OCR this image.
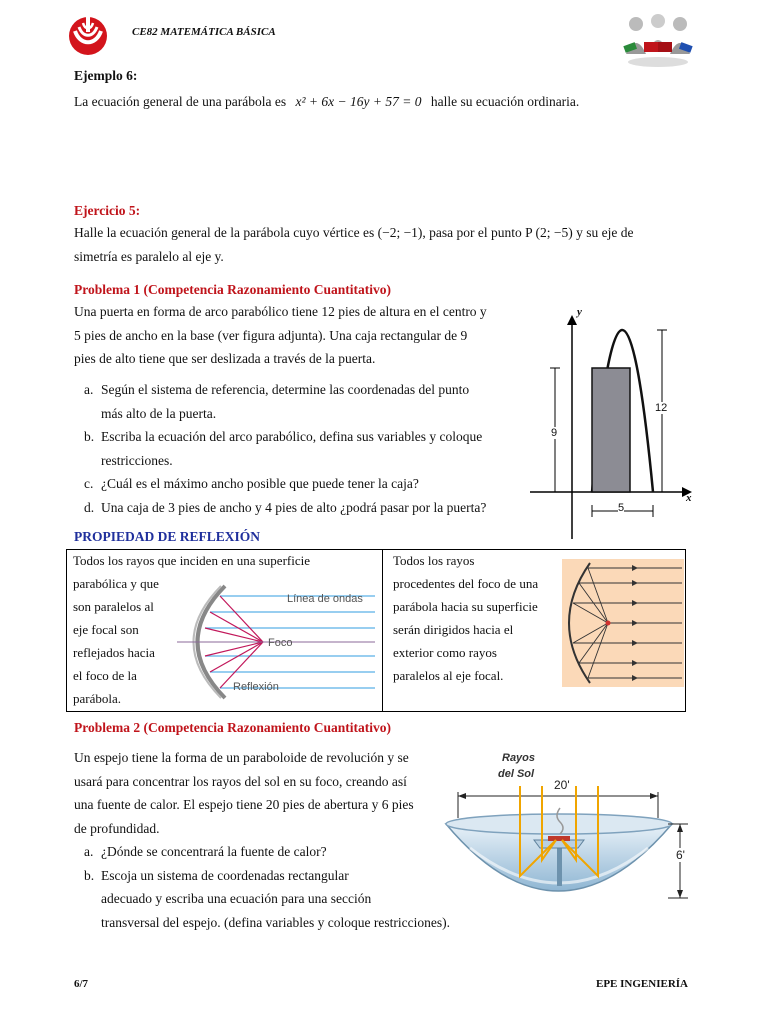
CE82 MATEMÁTICA BÁSICA
Ejemplo 6:
La ecuación general de una parábola es x² + 6x − 16y + 57 = 0 halle su ecuación ordinaria.
Ejercicio 5:
Halle la ecuación general de la parábola cuyo vértice es (−2; −1), pasa por el punto P (2; −5) y su eje de
simetría es paralelo al eje y.
Problema 1 (Competencia Razonamiento Cuantitativo)
Una puerta en forma de arco parabólico tiene 12 pies de altura en el centro y
5 pies de ancho en la base (ver figura adjunta). Una caja rectangular de 9
pies de alto tiene que ser deslizada a través de la puerta.
a. Según el sistema de referencia, determine las coordenadas del punto
más alto de la puerta.
b. Escriba la ecuación del arco parabólico, defina sus variables y coloque
restricciones.
c. ¿Cuál es el máximo ancho posible que puede tener la caja?
d. Una caja de 3 pies de ancho y 4 pies de alto ¿podrá pasar por la puerta?
y
x
12
9
5
PROPIEDAD DE REFLEXIÓN
Todos los rayos que inciden en una superficie
parabólica y que
son paralelos al
eje focal son
reflejados hacia
el foco de la
parábola.
Línea de ondas
Foco
Reflexión
Todos los rayos
procedentes del foco de una
parábola hacia su superficie
serán dirigidos hacia el
exterior como rayos
paralelos al eje focal.
Problema 2 (Competencia Razonamiento Cuantitativo)
Un espejo tiene la forma de un paraboloide de revolución y se
usará para concentrar los rayos del sol en su foco, creando así
una fuente de calor. El espejo tiene 20 pies de abertura y 6 pies
de profundidad.
a. ¿Dónde se concentrará la fuente de calor?
b. Escoja un sistema de coordenadas rectangular
adecuado y escriba una ecuación para una sección
transversal del espejo. (defina variables y coloque restricciones).
Rayos
del Sol
20'
6'
6/7	EPE INGENIERÍA
